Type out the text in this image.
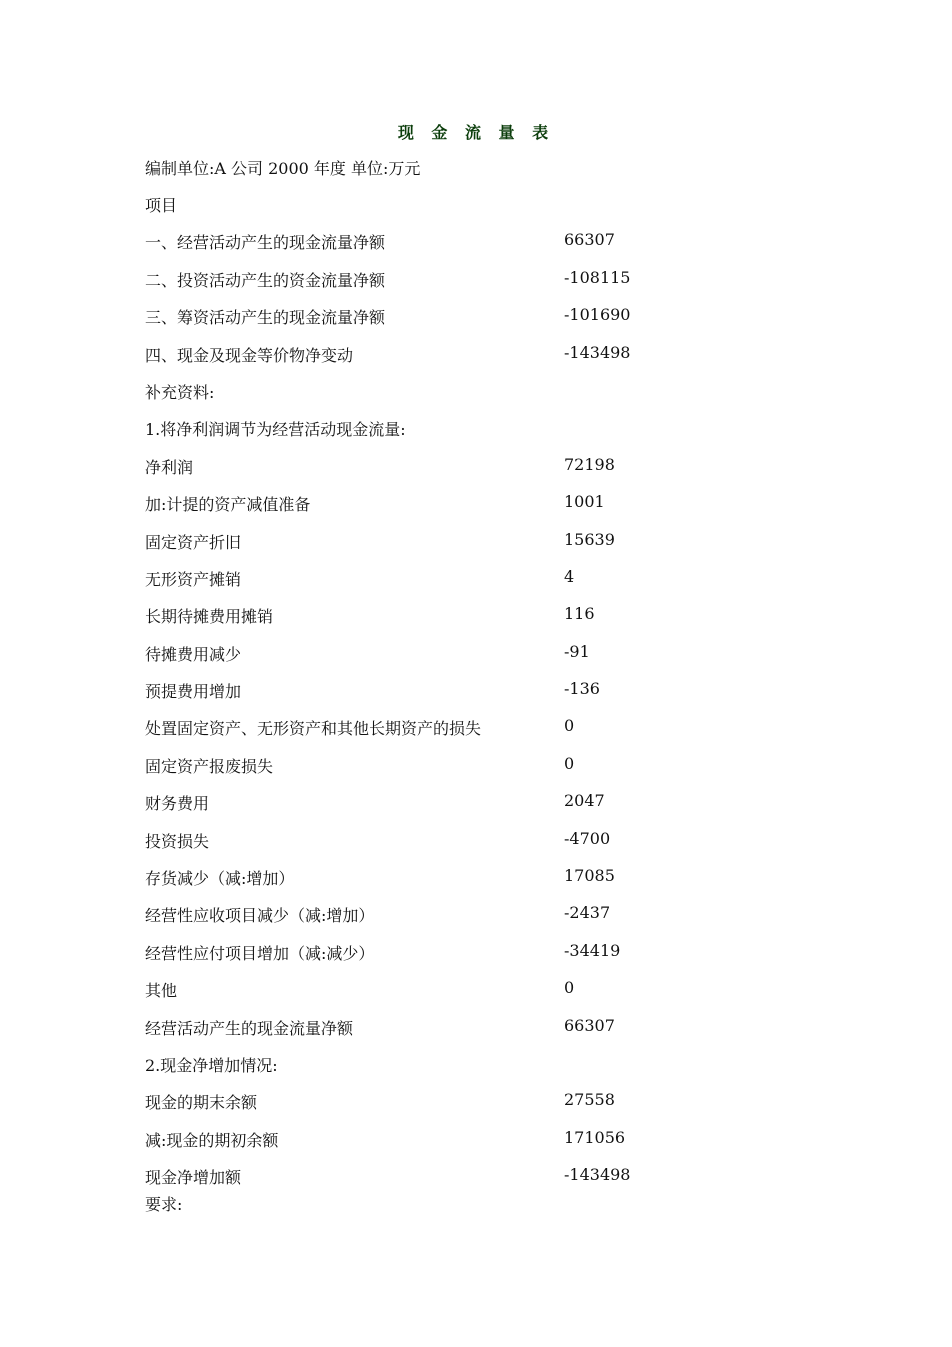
现 金 流 量 表
编制单位:A 公司 2000 年度 单位:万元
项目
一、经营活动产生的现金流量净额	66307
二、投资活动产生的资金流量净额	-108115
三、筹资活动产生的现金流量净额	-101690
四、现金及现金等价物净变动	-143498
补充资料:
1.将净利润调节为经营活动现金流量:
净利润	72198
加:计提的资产减值准备	1001
固定资产折旧	15639
无形资产摊销	4
长期待摊费用摊销	116
待摊费用减少	-91
预提费用增加	-136
处置固定资产、无形资产和其他长期资产的损失	0
固定资产报废损失	0
财务费用	2047
投资损失	-4700
存货减少（减:增加）	17085
经营性应收项目减少（减:增加）	-2437
经营性应付项目增加（减:减少）	-34419
其他	0
经营活动产生的现金流量净额	66307
2.现金净增加情况:
现金的期末余额	27558
减:现金的期初余额	171056
现金净增加额	-143498
要求:
